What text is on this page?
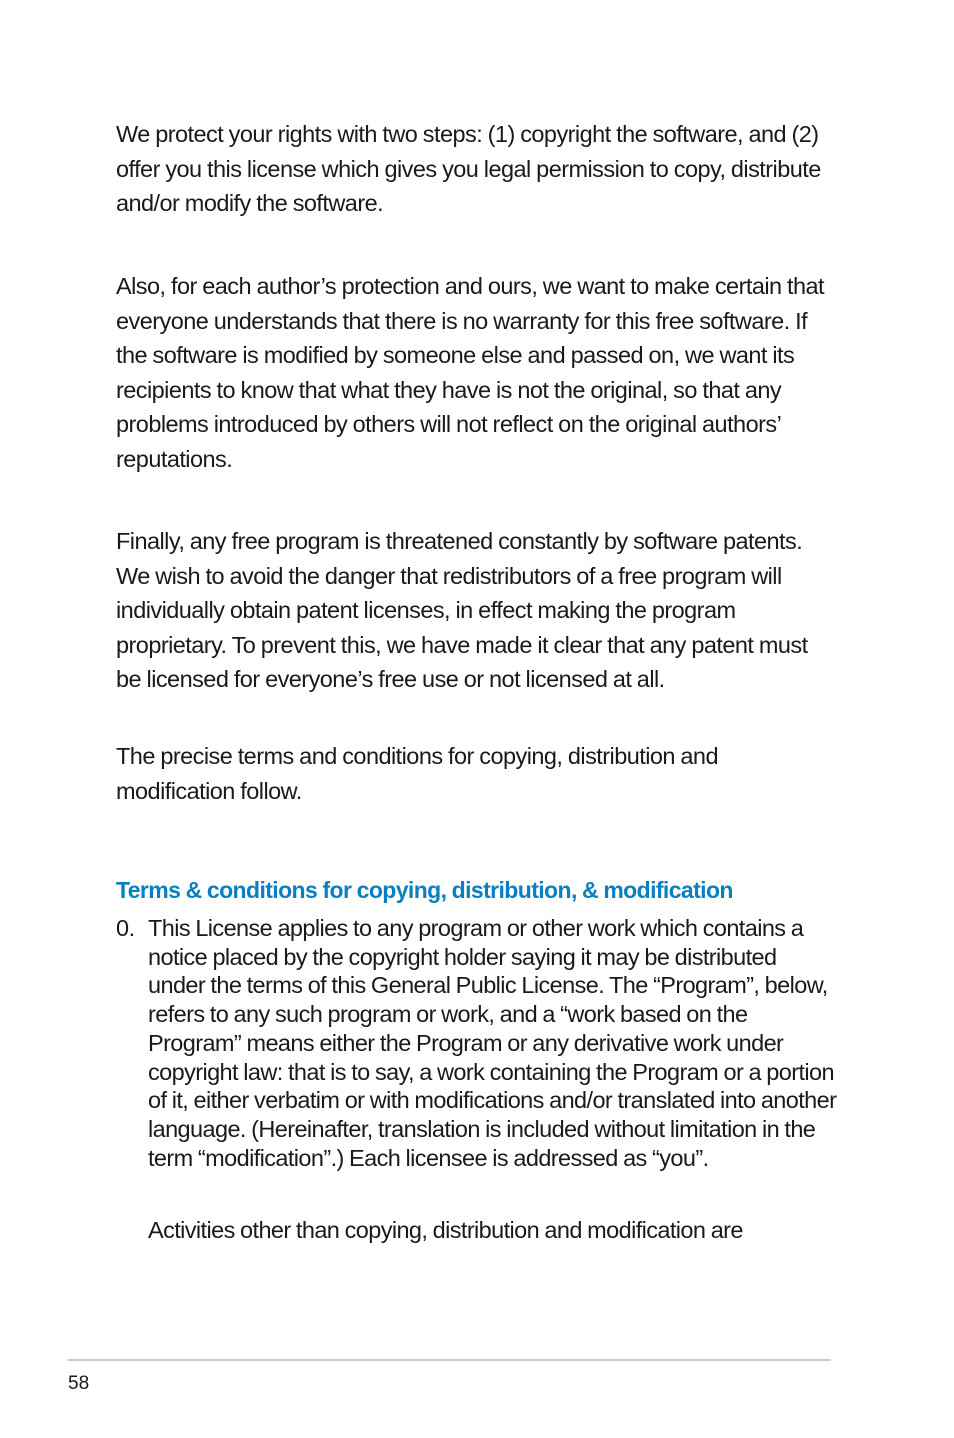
We protect your rights with two steps: (1) copyright the software, and (2) offer you this license which gives you legal permission to copy, distribute and/or modify the software.

Also, for each author’s protection and ours, we want to make certain that everyone understands that there is no warranty for this free software. If the software is modified by someone else and passed on, we want its recipients to know that what they have is not the original, so that any problems introduced by others will not reflect on the original authors’ reputations.

Finally, any free program is threatened constantly by software patents. We wish to avoid the danger that redistributors of a free program will individually obtain patent licenses, in effect making the program proprietary. To prevent this, we have made it clear that any patent must be licensed for everyone’s free use or not licensed at all.

The precise terms and conditions for copying, distribution and modification follow.

Terms & conditions for copying, distribution, & modification
0. This License applies to any program or other work which contains a notice placed by the copyright holder saying it may be distributed under the terms of this General Public License. The “Program”, below, refers to any such program or work, and a “work based on the Program” means either the Program or any derivative work under copyright law: that is to say, a work containing the Program or a portion of it, either verbatim or with modifications and/or translated into another language. (Hereinafter, translation is included without limitation in the term “modification”.) Each licensee is addressed as “you”.

Activities other than copying, distribution and modification are

58
